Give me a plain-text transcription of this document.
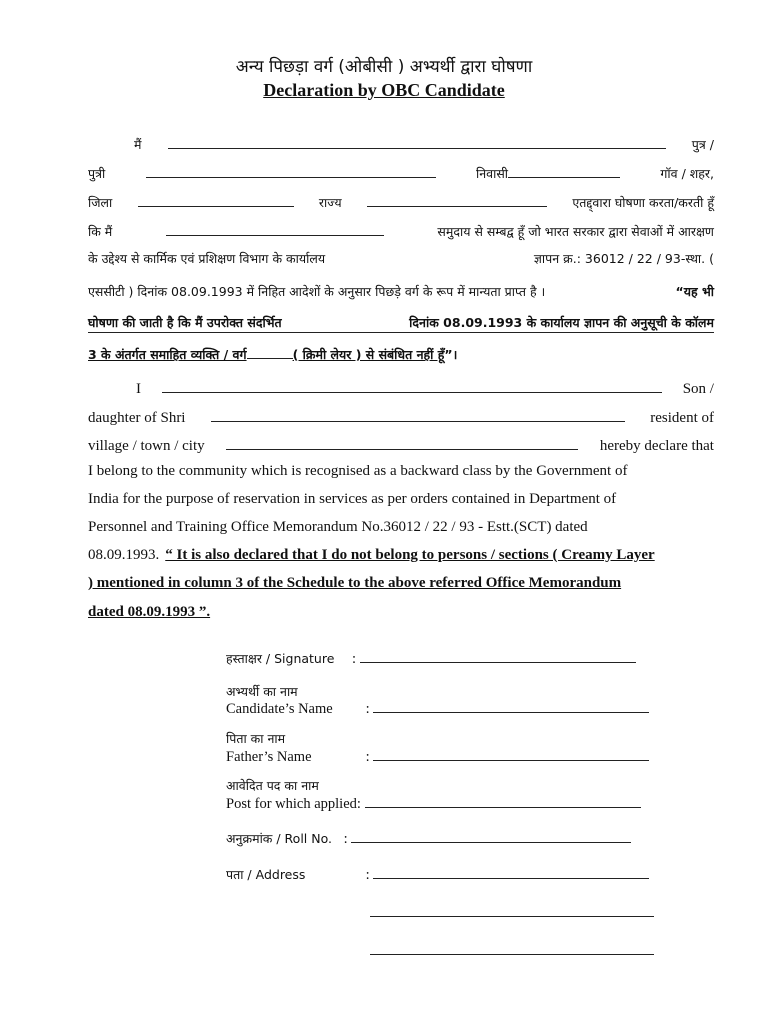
अन्य पिछड़ा वर्ग (ओबीसी ) अभ्यर्थी द्वारा घोषणा
Declaration by OBC Candidate
मैं	पुत्र /
पुत्री	निवासी	गॉव / शहर,
जिला	राज्य	एतद्द्वारा घोषणा करता/करती हूँ
कि मैं	समुदाय से सम्बद्व हूँ जो भारत सरकार द्वारा सेवाओं में आरक्षण
के उद्देश्य से कार्मिक एवं प्रशिक्षण विभाग के कार्यालय	ज्ञापन क्र.: 36012 / 22 / 93-स्था. (
एससीटी ) दिनांक 08.09.1993 में निहित आदेशों के अनुसार पिछड़े वर्ग के रूप में मान्यता प्राप्त है ।	“यह भी
घोषणा की जाती है कि मैं उपरोक्त संदर्भित	दिनांक 08.09.1993 के कार्यालय ज्ञापन की अनुसूची के कॉलम
3 के अंतर्गत समाहित व्यक्ति / वर्ग	( क्रिमी लेयर ) से संबंधित नहीं हूँ ”।
I	Son /
daughter of Shri	resident of
village / town / city	hereby declare that
I belong to the community which is recognised as a backward class by the Government of
India for the purpose of reservation in services as per orders contained in Department of
Personnel and Training Office Memorandum No.36012 / 22 / 93 - Estt.(SCT) dated
08.09.1993. “ It is also declared that I do not belong to persons / sections ( Creamy Layer
) mentioned in column 3 of the Schedule to the above referred Office Memorandum
dated 08.09.1993 ”.
हस्ताक्षर / Signature :
अभ्यर्थी का नाम
Candidate’s Name :
पिता का नाम
Father’s Name	:
आवेदित पद का नाम
Post for which applied:
अनुक्रमांक / Roll No. :
पता / Address	:
